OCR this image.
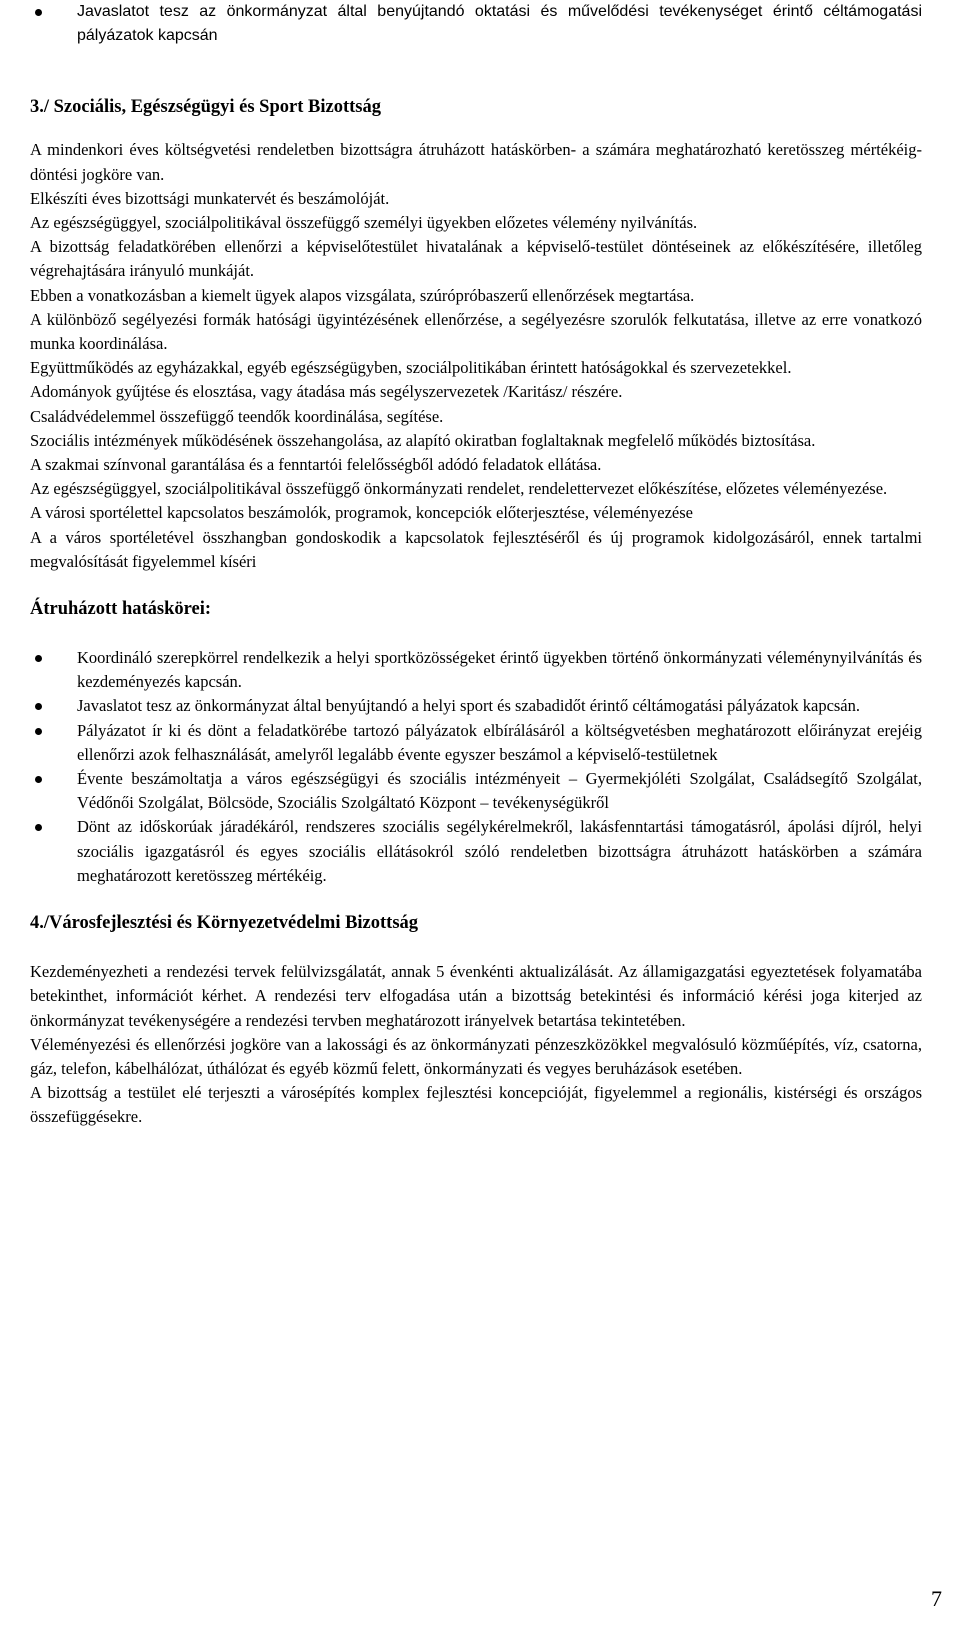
Javaslatot tesz az önkormányzat által benyújtandó oktatási és művelődési tevékenységet érintő céltámogatási pályázatok kapcsán
3./ Szociális, Egészségügyi és Sport Bizottság

A mindenkori éves költségvetési rendeletben bizottságra átruházott hatáskörben- a számára meghatározható keretösszeg mértékéig- döntési jogköre van.

Elkészíti éves bizottsági munkatervét és beszámolóját.

Az egészségüggyel, szociálpolitikával összefüggő személyi ügyekben előzetes vélemény nyilvánítás.

A bizottság feladatkörében ellenőrzi a képviselőtestület hivatalának a képviselő-testület döntéseinek az előkészítésére, illetőleg végrehajtására irányuló munkáját.

Ebben a vonatkozásban a kiemelt ügyek alapos vizsgálata, szúrópróbaszerű ellenőrzések megtartása.

A különböző segélyezési formák hatósági ügyintézésének ellenőrzése, a segélyezésre szorulók felkutatása, illetve az erre vonatkozó munka koordinálása.

Együttműködés az egyházakkal, egyéb egészségügyben, szociálpolitikában érintett hatóságokkal és szervezetekkel.

Adományok gyűjtése és elosztása, vagy átadása más segélyszervezetek /Karitász/ részére.

Családvédelemmel összefüggő teendők koordinálása, segítése.

Szociális intézmények működésének összehangolása, az alapító okiratban foglaltaknak megfelelő működés biztosítása.

A szakmai színvonal garantálása és a fenntartói felelősségből adódó feladatok ellátása.

Az egészségüggyel, szociálpolitikával összefüggő önkormányzati rendelet, rendelettervezet előkészítése, előzetes véleményezése.

A városi sportélettel kapcsolatos beszámolók, programok, koncepciók előterjesztése, véleményezése

A a város sportéletével összhangban gondoskodik a kapcsolatok fejlesztéséről és új programok kidolgozásáról, ennek tartalmi megvalósítását figyelemmel kíséri

Átruházott hatáskörei:
Koordináló szerepkörrel rendelkezik a helyi sportközösségeket érintő ügyekben történő önkormányzati véleménynyilvánítás és kezdeményezés kapcsán.
Javaslatot tesz az önkormányzat által benyújtandó a helyi sport és szabadidőt érintő céltámogatási pályázatok kapcsán.
Pályázatot ír ki és dönt a feladatkörébe tartozó pályázatok elbírálásáról a költségvetésben meghatározott előirányzat erejéig ellenőrzi azok felhasználását, amelyről legalább évente egyszer beszámol a képviselő-testületnek
Évente beszámoltatja a város egészségügyi és szociális intézményeit – Gyermekjóléti Szolgálat, Családsegítő Szolgálat, Védőnői Szolgálat, Bölcsöde, Szociális Szolgáltató Központ – tevékenységükről
Dönt az időskorúak járadékáról, rendszeres szociális segélykérelmekről, lakásfenntartási támogatásról, ápolási díjról, helyi szociális igazgatásról és egyes szociális ellátásokról szóló rendeletben bizottságra átruházott hatáskörben a számára meghatározott keretösszeg mértékéig.
4./Városfejlesztési és Környezetvédelmi Bizottság

Kezdeményezheti a rendezési tervek felülvizsgálatát, annak 5 évenkénti aktualizálását. Az államigazgatási egyeztetések folyamatába betekinthet, információt kérhet. A rendezési terv elfogadása után a bizottság betekintési és információ kérési joga kiterjed az önkormányzat tevékenységére a rendezési tervben meghatározott irányelvek betartása tekintetében.

Véleményezési és ellenőrzési jogköre van a lakossági és az önkormányzati pénzeszközökkel megvalósuló közműépítés, víz, csatorna, gáz, telefon, kábelhálózat, úthálózat és egyéb közmű felett, önkormányzati és vegyes beruházások esetében.

A bizottság a testület elé terjeszti a városépítés komplex fejlesztési koncepcióját, figyelemmel a regionális, kistérségi és országos összefüggésekre.

7
